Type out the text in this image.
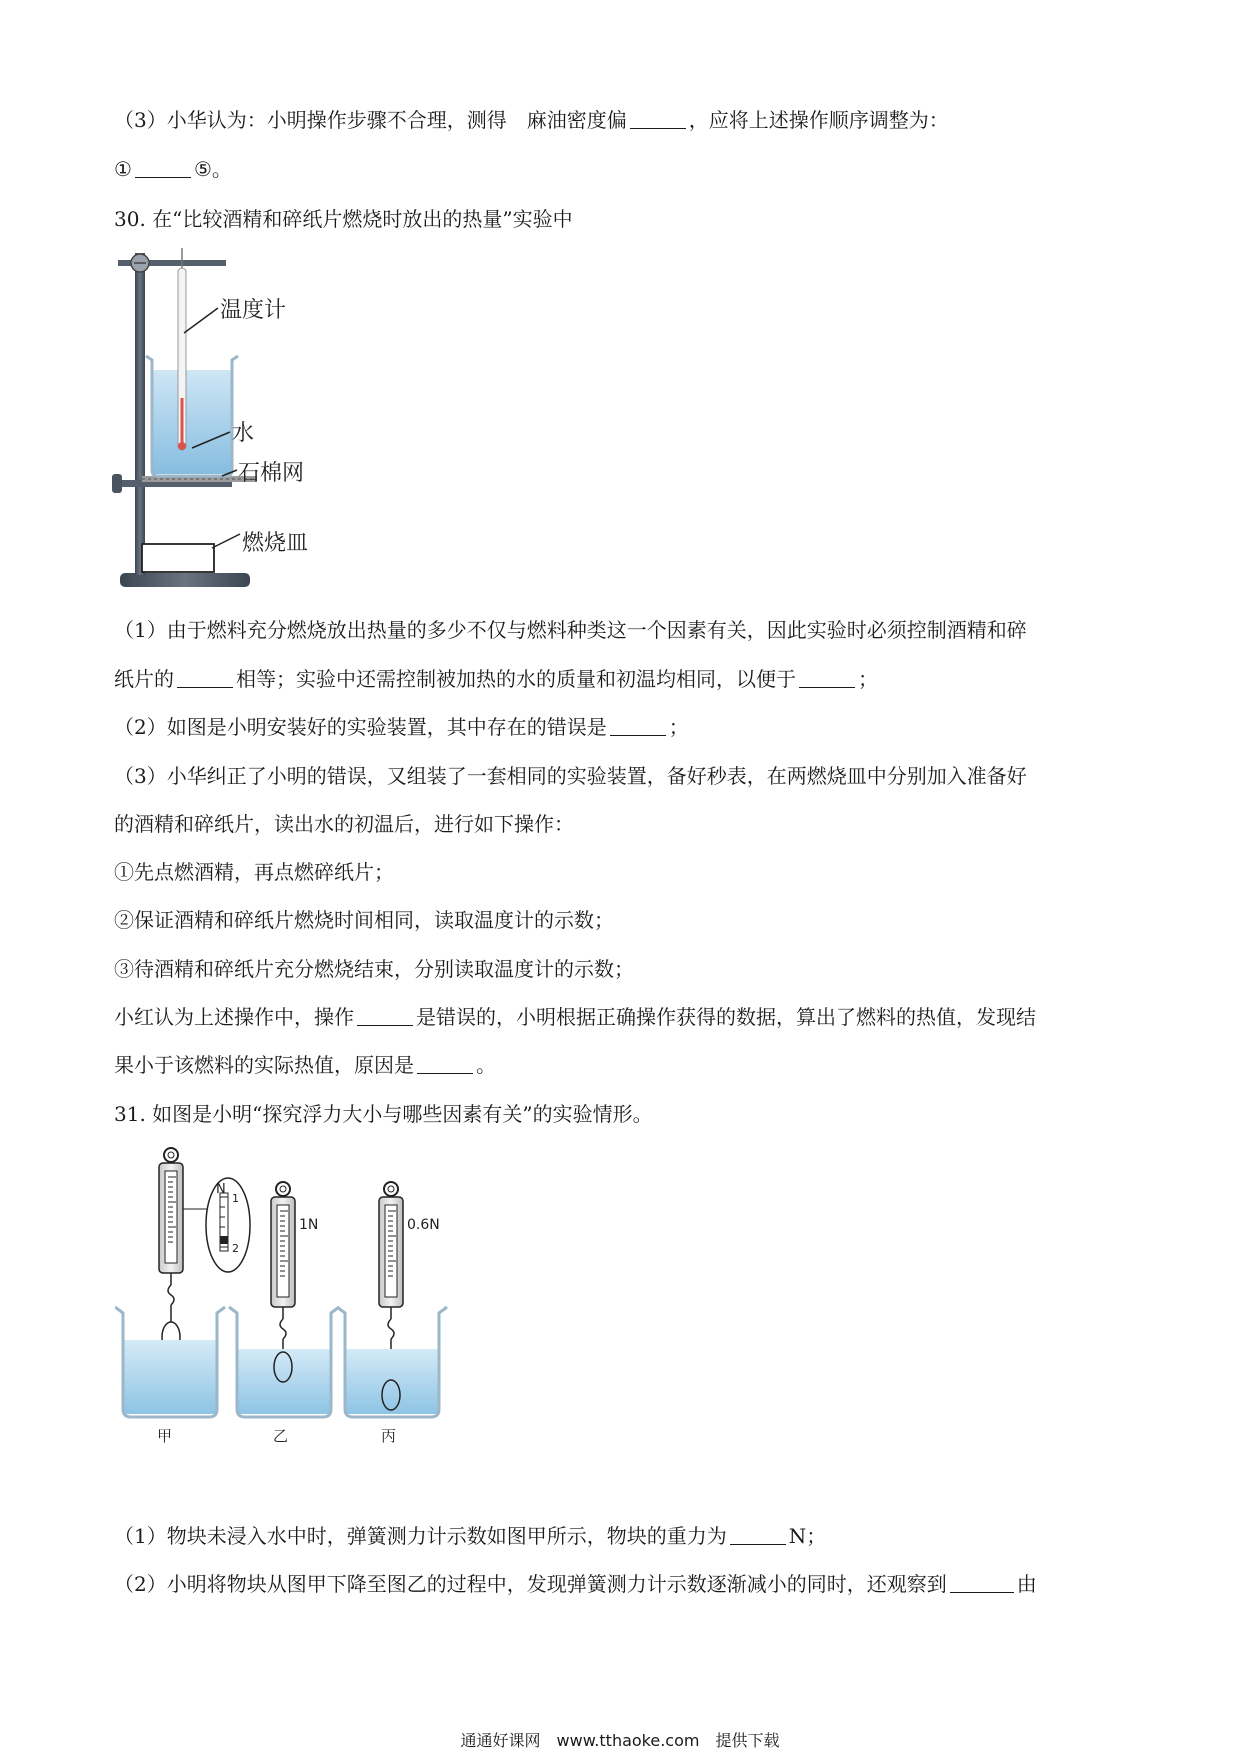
（3）小华认为：小明操作步骤不合理，测得　麻油密度偏	，应将上述操作顺序调整为：
①	⑤。
30. 在“比较酒精和碎纸片燃烧时放出的热量”实验中
温度计
水
石棉网
燃烧皿
（1）由于燃料充分燃烧放出热量的多少不仅与燃料种类这一个因素有关，因此实验时必须控制酒精和碎
纸片的	相等；实验中还需控制被加热的水的质量和初温均相同，以便于	；
（2）如图是小明安装好的实验装置，其中存在的错误是	；
（3）小华纠正了小明的错误，又组装了一套相同的实验装置，备好秒表，在两燃烧皿中分别加入准备好
的酒精和碎纸片，读出水的初温后，进行如下操作：
①先点燃酒精，再点燃碎纸片；
②保证酒精和碎纸片燃烧时间相同，读取温度计的示数；
③待酒精和碎纸片充分燃烧结束，分别读取温度计的示数；
小红认为上述操作中，操作	是错误的，小明根据正确操作获得的数据，算出了燃料的热值，发现结
果小于该燃料的实际热值，原因是	。
31. 如图是小明“探究浮力大小与哪些因素有关”的实验情形。
N
1
2
甲
1N
乙
0.6N
丙
（1）物块未浸入水中时，弹簧测力计示数如图甲所示，物块的重力为	N；
（2）小明将物块从图甲下降至图乙的过程中，发现弹簧测力计示数逐渐减小的同时，还观察到	由
通通好课网　www.tthaoke.com　提供下载
